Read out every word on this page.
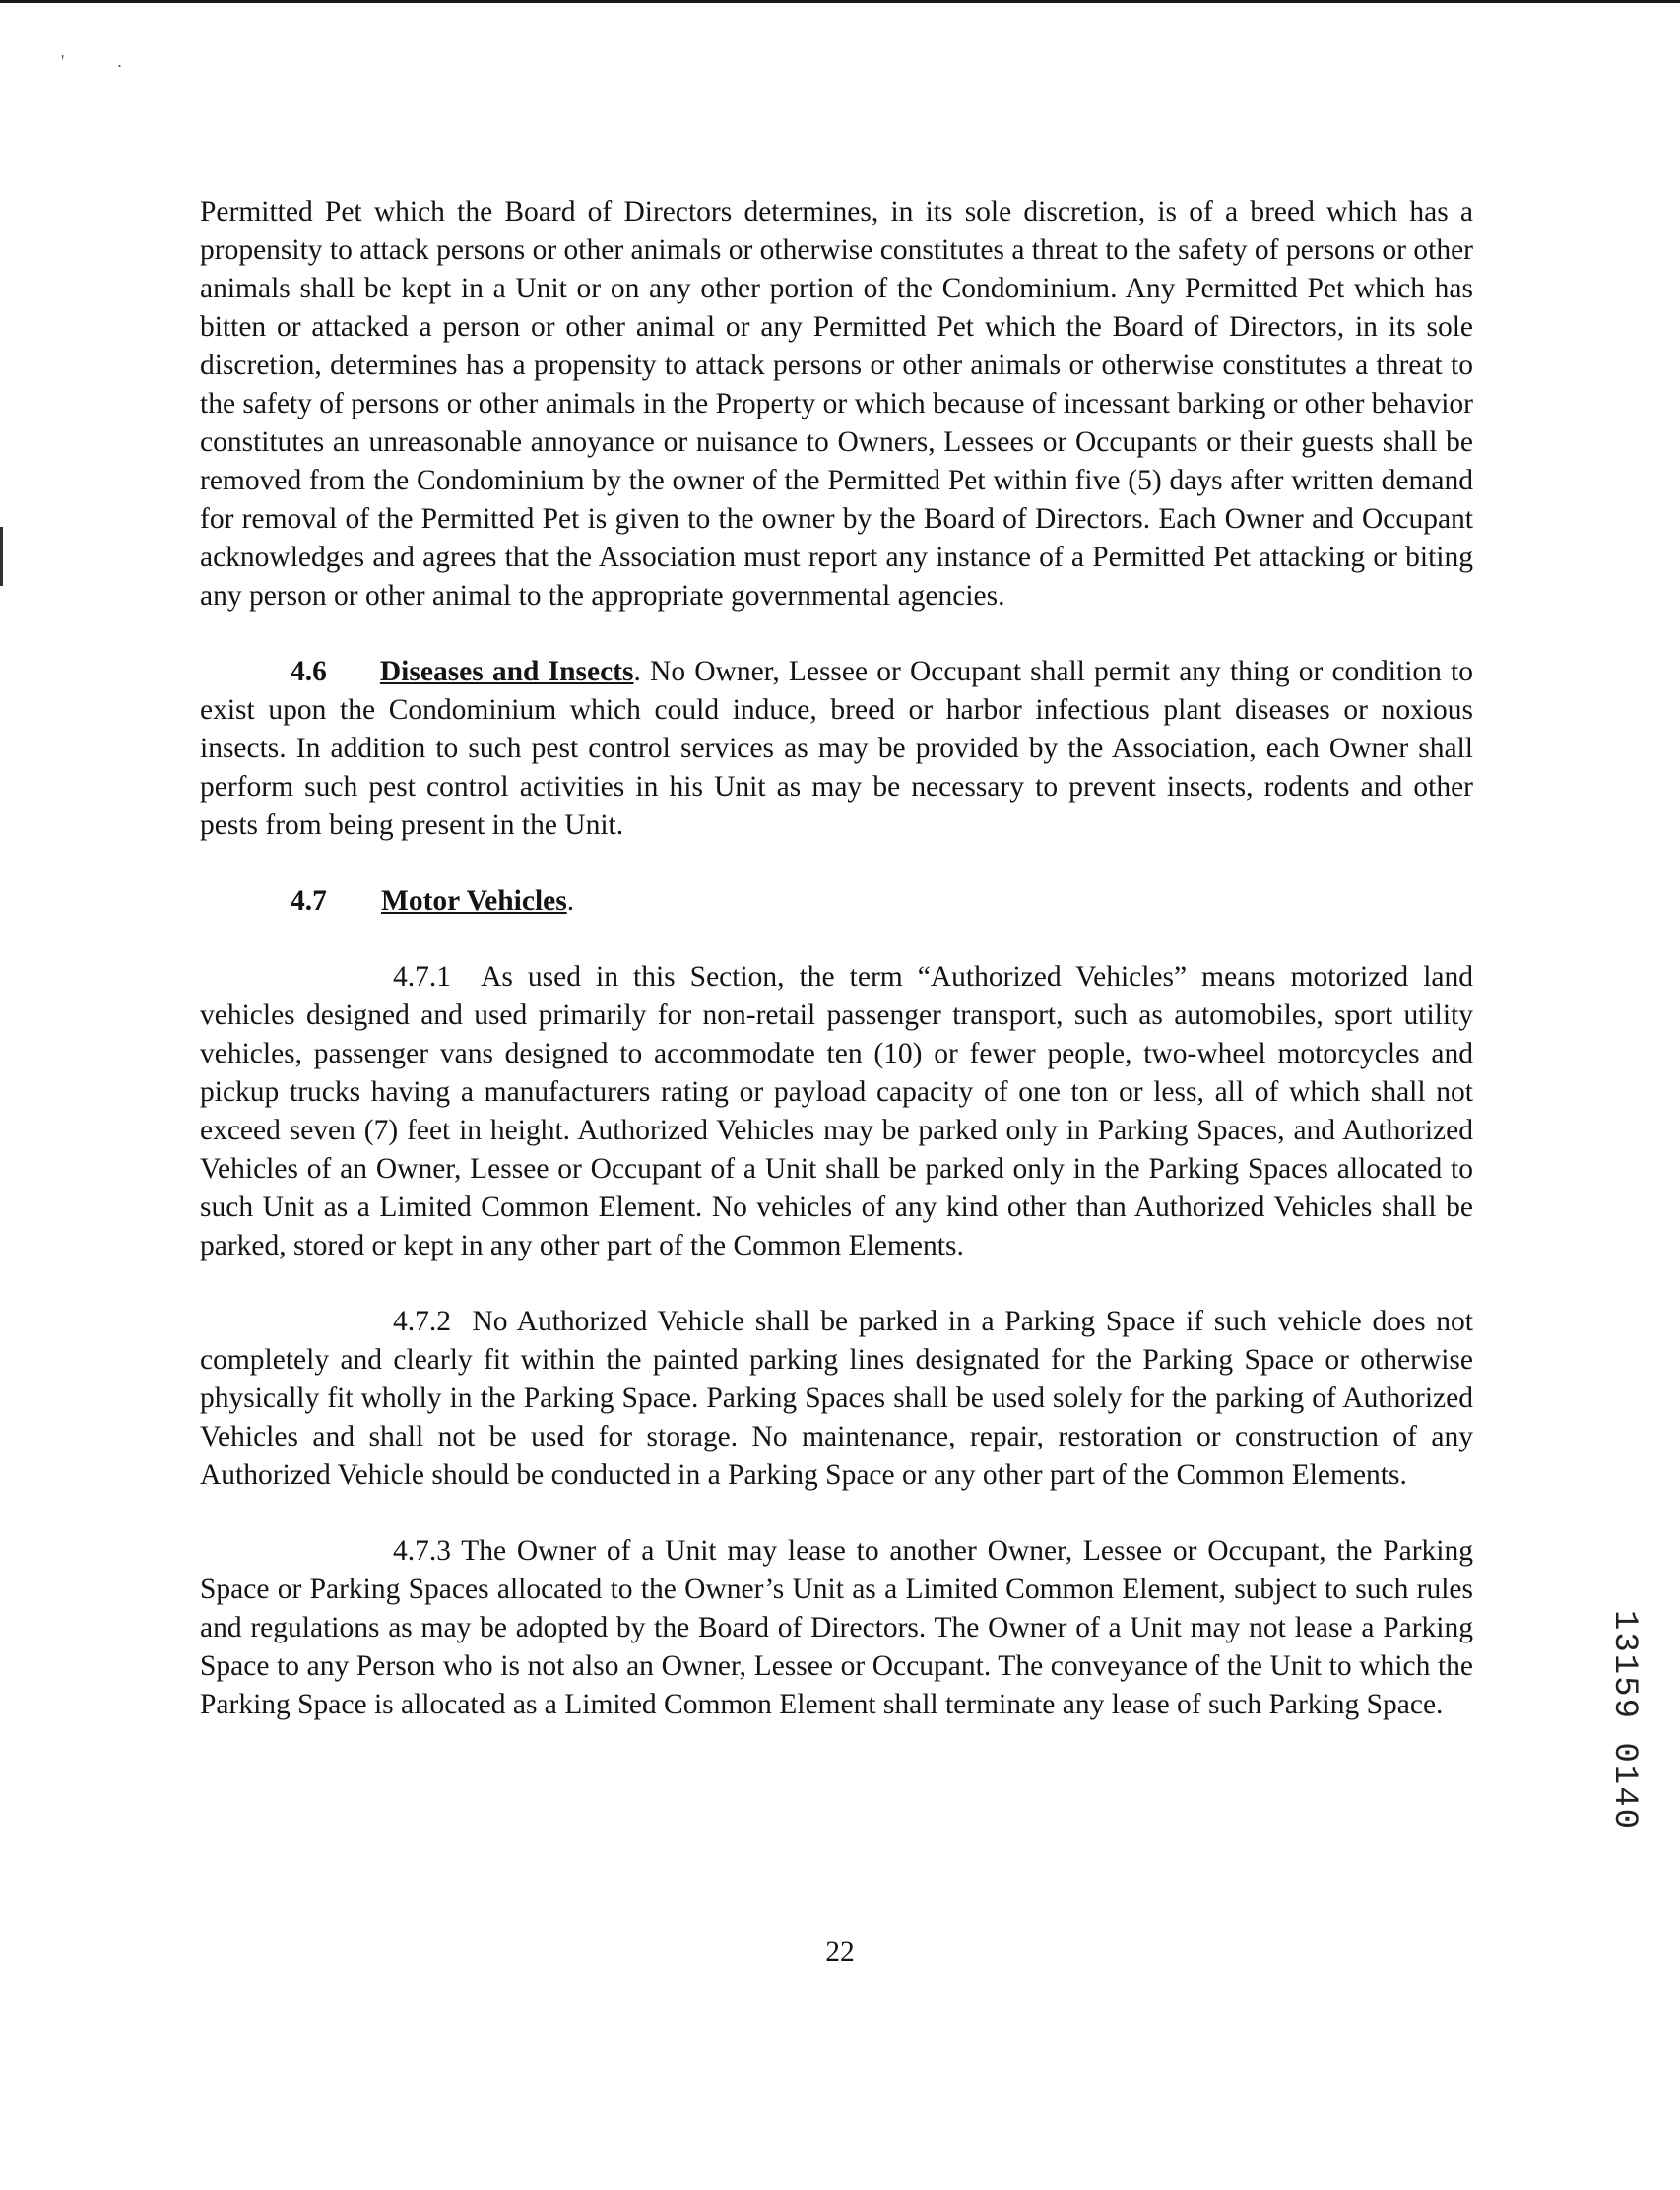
'            .

Permitted Pet which the Board of Directors determines, in its sole discretion, is of a breed which has a propensity to attack persons or other animals or otherwise constitutes a threat to the safety of persons or other animals shall be kept in a Unit or on any other portion of the Condominium. Any Permitted Pet which has bitten or attacked a person or other animal or any Permitted Pet which the Board of Directors, in its sole discretion, determines has a propensity to attack persons or other animals or otherwise constitutes a threat to the safety of persons or other animals in the Property or which because of incessant barking or other behavior constitutes an unreasonable annoyance or nuisance to Owners, Lessees or Occupants or their guests shall be removed from the Condominium by the owner of the Permitted Pet within five (5) days after written demand for removal of the Permitted Pet is given to the owner by the Board of Directors. Each Owner and Occupant acknowledges and agrees that the Association must report any instance of a Permitted Pet attacking or biting any person or other animal to the appropriate governmental agencies.

4.6 Diseases and Insects. No Owner, Lessee or Occupant shall permit any thing or condition to exist upon the Condominium which could induce, breed or harbor infectious plant diseases or noxious insects. In addition to such pest control services as may be provided by the Association, each Owner shall perform such pest control activities in his Unit as may be necessary to prevent insects, rodents and other pests from being present in the Unit.

4.7 Motor Vehicles.

4.7.1  As used in this Section, the term “Authorized Vehicles” means motorized land vehicles designed and used primarily for non-retail passenger transport, such as automobiles, sport utility vehicles, passenger vans designed to accommodate ten (10) or fewer people, two-wheel motorcycles and pickup trucks having a manufacturers rating or payload capacity of one ton or less, all of which shall not exceed seven (7) feet in height. Authorized Vehicles may be parked only in Parking Spaces, and Authorized Vehicles of an Owner, Lessee or Occupant of a Unit shall be parked only in the Parking Spaces allocated to such Unit as a Limited Common Element. No vehicles of any kind other than Authorized Vehicles shall be parked, stored or kept in any other part of the Common Elements.

4.7.2  No Authorized Vehicle shall be parked in a Parking Space if such vehicle does not completely and clearly fit within the painted parking lines designated for the Parking Space or otherwise physically fit wholly in the Parking Space. Parking Spaces shall be used solely for the parking of Authorized Vehicles and shall not be used for storage. No maintenance, repair, restoration or construction of any Authorized Vehicle should be conducted in a Parking Space or any other part of the Common Elements.

4.7.3 The Owner of a Unit may lease to another Owner, Lessee or Occupant, the Parking Space or Parking Spaces allocated to the Owner’s Unit as a Limited Common Element, subject to such rules and regulations as may be adopted by the Board of Directors. The Owner of a Unit may not lease a Parking Space to any Person who is not also an Owner, Lessee or Occupant. The conveyance of the Unit to which the Parking Space is allocated as a Limited Common Element shall terminate any lease of such Parking Space.

22
13159 0140
